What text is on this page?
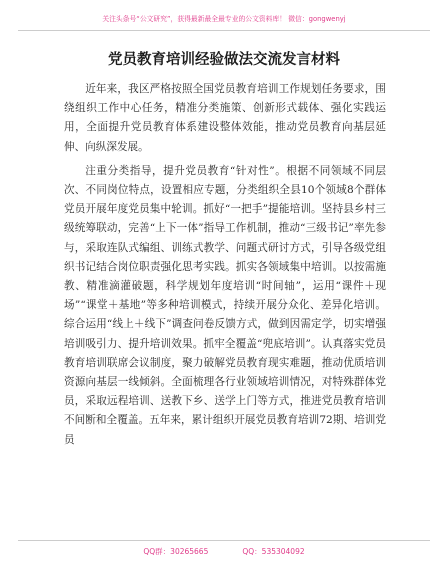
关注头条号“公文研究”，获得最新最全最专业的公文资料库！ 微信：gongwenyj
党员教育培训经验做法交流发言材料

近年来，我区严格按照全国党员教育培训工作规划任务要求，围绕组织工作中心任务，精准分类施策、创新形式载体、强化实践运用，全面提升党员教育体系建设整体效能，推动党员教育向基层延伸、向纵深发展。

注重分类指导，提升党员教育“针对性”。根据不同领域不同层次、不同岗位特点，设置相应专题，分类组织全县10个领域8个群体党员开展年度党员集中轮训。抓好“一把手”提能培训。坚持县乡村三级统筹联动，完善“上下一体”指导工作机制，推动“三级书记”率先参与，采取连队式编组、训练式教学、问题式研讨方式，引导各级党组织书记结合岗位职责强化思考实践。抓实各领域集中培训。以按需施教、精准滴灌破题，科学规划年度培训“时间轴”，运用“课件＋现场”“课堂＋基地”等多种培训模式，持续开展分众化、差异化培训。综合运用“线上＋线下”调查问卷反馈方式，做到因需定学，切实增强培训吸引力、提升培训效果。抓牢全覆盖“兜底培训”。认真落实党员教育培训联席会议制度，聚力破解党员教育现实难题，推动优质培训资源向基层一线倾斜。全面梳理各行业领域培训情况，对特殊群体党员，采取远程培训、送教下乡、送学上门等方式，推进党员教育培训不间断和全覆盖。五年来，累计组织开展党员教育培训72期、培训党员

QQ群：30265665	QQ：535304092
